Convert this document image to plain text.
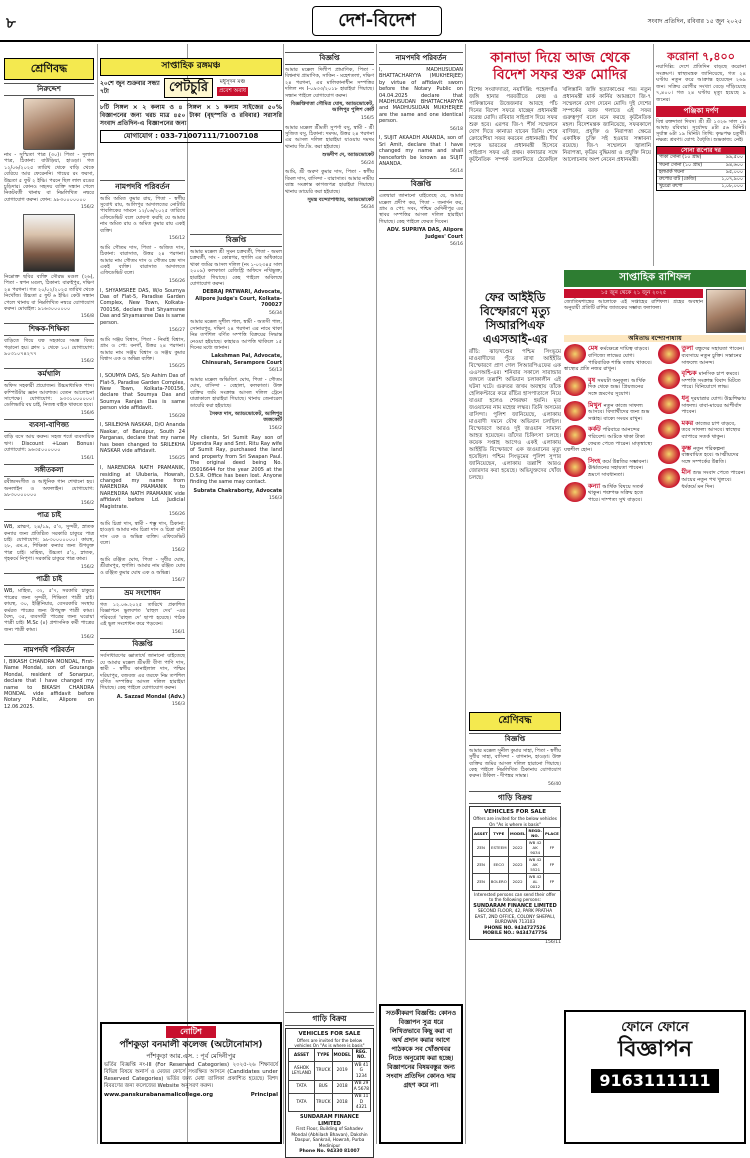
৮	দেশ-বিদেশ	সংবাদ প্রতিদিন, রবিবার ১৫ জুন ২০২৫
শ্রেণিবদ্ধ
নিরুদ্দেশ
নাম - সুস্মিতা পাত্র (৩০)। পিতা - দুলাল পাত্র, ঠিকানা: বাউড়িয়া, হাওড়া। গত ১২/০৬/২০২৫ তারিখ থেকে বাড়ি থেকে বেরিয়ে আর ফেরেননি। গায়ের রং ফরসা, উচ্চতা ৫ ফুট ২ ইঞ্চি। পরনে ছিল লাল রঙের চুড়িদার। কোনও সহৃদয় ব্যক্তি সন্ধান পেলে নিকটবর্তী থানায় বা নিম্নলিখিত নম্বরে যোগাযোগ করুন। ফোন: ৯৮৩০০০০০০০
156/2
নিম্নোক্ত ছবির ব্যক্তি সৌরভ মণ্ডল (২৬), পিতা - স্বপন মণ্ডল, ঠিকানা: বারুইপুর, দক্ষিণ ২৪ পরগনা। গত ২০/০২/২০২৫ তারিখ থেকে নিখোঁজ। উচ্চতা ৫ ফুট ৬ ইঞ্চি। কেউ সন্ধান পেলে থানায় বা নিম্নলিখিত নম্বরে যোগাযোগ করুন। মোবাইল: ৯১৬৩০০০০০০
156/8
শিক্ষক-শিক্ষিকা
বাড়িতে গিয়ে যত্ন সহকারে সমস্ত বিষয় পড়ানো হয়। ক্লাস ১ থেকে ১০। যোগাযোগ: ৯০৩১০৭৪২৭৭
156/2
কর্মখালি
অফিস সহকারী প্রয়োজন। উচ্চমাধ্যমিক পাস। কম্পিউটার জ্ঞান আবশ্যক। বেতন আলোচনা সাপেক্ষে। যোগাযোগ: ৯৩৩১০০০০০০। ডেলিভারি বয় চাই, নিজস্ব বাইক থাকতে হবে।
156/6
ব্যবসা-বাণিজ্য
বাড়ি বসে আয় করুন। সহজ শর্তে ব্যবসায়িক ঋণ। Discount +Loan Bonus। যোগাযোগ: ৯৬৩৫০০০০০০
156/1
সঙ্গীতকলা
রবীন্দ্রসংগীত ও আধুনিক গান শেখানো হয়। অনলাইন ও অফলাইন। যোগাযোগ: ৯৮৩০০০০০০০
156/2
পাত্র চাই
WB, ব্রাহ্মণ, ২৪/১৯, ৫'৩, সুন্দরী, স্নাতক কন্যার জন্য প্রতিষ্ঠিত সরকারি চাকুরে পাত্র চাই। যোগাযোগ: ৯৮৩০০০০০০০। কায়স্থ, ২৮, এম.এ, শিক্ষিকা কন্যার জন্য উপযুক্ত পাত্র চাই। মাহিষ্য, উচ্চতা ৫'২, স্নাতক, গৃহকর্মে নিপুণা। সরকারি চাকুরে পাত্র কাম্য।
156/2
পাত্রী চাই
WB, মাহিষ্য, ৩২, ৫'৭, সরকারি চাকুরে পাত্রের জন্য সুন্দরী, শিক্ষিতা পাত্রী চাই। কায়স্থ, ৩০, ইঞ্জিনিয়ার, বেসরকারি সংস্থায় কর্মরত পাত্রের জন্য উপযুক্ত পাত্রী কাম্য। বৈদ্য, ৩৫, ব্যবসায়ী পাত্রের জন্য ঘরোয়া পাত্রী চাই। M.Sc (৪) প্রশাসনিক কর্মী পাত্রের জন্য পাত্রী কাম্য।
156/2
নামপদবি পরিবর্তন
I, BIKASH CHANDRA MONDAL, First-Name Mondal, son of Gouranga Mondal, resident of Sonarpur, declare that I have changed my name to BIKASH CHANDRA MONDAL vide affidavit before Notary Public, Alipore on 12.06.2025.
সাপ্তাহিক রঙ্গমঞ্চ
২০শে জুন শুক্রবার সন্ধ্যা ৭টা	পেটচুরি	মধুসূদন মঞ্চ
প্রবেশ অবাধ
৮টি সিঙ্গল × ২ কলাম ও ৪ সিঙ্গল × ১ কলাম সাইজের ৫০% বিজ্ঞাপনের জন্য খরচ মাত্র ৪৫০ টাকা (বৃহস্পতি ও রবিবার) সরাসরি সংবাদ প্রতিদিন-এ বিজ্ঞাপনের জন্য
যোগাযোগ : 033-71007111/71007108
নামপদবি পরিবর্তন
আমি অমিত কুমার রায়, পিতা - স্বর্গীয় সুবোধ রায়, আলিপুর আদালতের নোটারি পাবলিকের সামনে ১২/০৬/২০২৫ তারিখে এফিডেভিট বলে ঘোষণা করছি যে আমার নাম অমিত রায় ও অমিত কুমার রায় একই ব্যক্তি।
156/12
আমি গৌতম দাস, পিতা - অজিত দাস, ঠিকানা: বারাসাত, উত্তর ২৪ পরগনা। আমার নাম গৌতম দাস ও গৌতম চন্দ্র দাস একই ব্যক্তি। বারাসাত আদালতে এফিডেভিট বলে।
156/26
I, SHYAMSREE DAS, W/o Soumya Das of Flat-5, Paradise Garden Complex, New Town, Kolkata-700156, declare that Shyamsree Das and Shyamasree Das is same person.
156/27
আমি সঞ্জয় বিশ্বাস, পিতা - নিমাই বিশ্বাস, গ্রাম ও পো: বনগাঁ, উত্তর ২৪ পরগনা। আমার নাম সঞ্জয় বিশ্বাস ও সঞ্জয় কুমার বিশ্বাস এক ও অভিন্ন ব্যক্তি।
156/25
I, SOUMYA DAS, S/o Ashim Das of Flat-5, Paradise Garden Complex, New Town, Kolkata-700156, declare that Soumya Das and Soumya Ranjan Das is same person vide affidavit.
156/28
I, SRILEKHA NASKAR, D/O Ananda Naskar, of Baruipur, South 24 Parganas, declare that my name has been changed to SRILEKHA NASKAR vide affidavit.
156/25
I, NARENDRA NATH PRAMANIK, residing at Uluberia, Howrah, changed my name from NARENDRA PRAMANIK to NARENDRA NATH PRAMANIK vide affidavit before Ld. Judicial Magistrate.
156/26
আমি চিত্রা দাস, স্বামী - শম্ভু দাস, ঠিকানা: হাওড়া। আমার নাম চিত্রা দাস ও চিত্রা রানী দাস এক ও অভিন্ন ব্যক্তি। এফিডেভিট বলে।
156/2
আমি রঞ্জিত ঘোষ, পিতা - সুধীর ঘোষ, শ্রীরামপুর, হুগলি। আমার নাম রঞ্জিত ঘোষ ও রঞ্জিত কুমার ঘোষ এক ও অভিন্ন।
156/7
ভ্রম সংশোধন
গত ১২.০৬.২০২৫ তারিখে প্রকাশিত বিজ্ঞাপনে ভুলবশত 'রাহুল দেব' -এর পরিবর্তে 'রাহুল দে' ছাপা হয়েছে। পাঠক এই ভুল সংশোধন করে পড়বেন।
156/1
বিজ্ঞপ্তি
সর্বসাধারণের জ্ঞাতার্থে জানানো যাইতেছে যে আমার মক্কেল শ্রীমতী বীণা পাণি দাস, স্বামী - স্বর্গীয় কানাইলাল দাস, পশ্চিম দরিয়াপুর, বজবজ এর তরফে নিম্ন তপশিল বর্ণিত সম্পত্তির আসল দলিল হারাইয়া গিয়াছে। কেহ পাইলে যোগাযোগ করুন।
A. Sazzad Mondal (Adv.)
156/3
বিজ্ঞপ্তি
আমার মক্কেল শ্রী সুমন চক্রবর্তী, পিতা - অমল চক্রবর্তী, সাং - কোন্নগর, হুগলি এর অধিকারে থাকা জমির আসল দলিল (নং ১-০২৩৪৫ সাল ২০০৯) কলকাতা রেজিস্ট্রি অফিসে নথিভুক্ত, হারাইয়া গিয়াছে। কেহ পাইলে অবিলম্বে যোগাযোগ করুন।
DEBRAJ PATWARI, Advocate, Alipore Judge's Court, Kolkata-700027
56/34
আমার মক্কেল সুশীল পাল, স্বামী - অতসী পাল, সোনারপুর, দক্ষিণ ২৪ পরগনা এর নামে থাকা নিম্ন তপশিল বর্ণিত সম্পত্তি বিক্রয়ের সিদ্ধান্ত নেওয়া হইয়াছে। কাহারও আপত্তি থাকিলে ১৫ দিনের মধ্যে জানান।
Lakshman Pal, Advocate, Chinsurah, Serampore Court
56/13
আমার মক্কেল অভিজিৎ ঘোষ, পিতা - গৌতম ঘোষ, বাসিন্দা - বেহালা, কলকাতা। উক্ত ব্যক্তির জমি সংক্রান্ত আসল দলিল ট্রেনে যাত্রাকালে হারাইয়া গিয়াছে। থানায় জেনারেল ডায়েরি করা হইয়াছে।
সৈকত দাস, অ্যাডভোকেট, আলিপুর জজকোর্ট
156/2
My clients, Sri Sumit Ray son of Upendra Ray and Smt. Ritu Ray wife of Sumit Ray, purchased the land and property from Sri Swapan Paul. The original deed being No. 05016644 for the year 2005 at the D.S.R. Office has been lost. Anyone finding the same may contact.
Subrata Chakraborty, Advocate
156/3
নোটিশ
পাঁশকুড়া বনমালী কলেজ (অটোনোমাস)
পাঁশকুড়া আর.এস. : পূর্ব মেদিনীপুর
ভর্তির বিজ্ঞপ্তি নং-III (For Reserved Categories) ২০২৫-২৬ শিক্ষাবর্ষে বিভিন্ন বিষয়ে অনার্স ও মেজর কোর্সে সংরক্ষিত আসনে (Candidates under Reserved Categories) ভর্তির জন্য মেধা তালিকা প্রকাশিত হয়েছে। বিশদ বিবরণের জন্য কলেজের Website অনুসরণ করুন।
www.panskurabanamalicollege.org	Principal
বিজ্ঞপ্তি
আমার মক্কেল দিলীপ প্রামাণিক, পিতা - বিশ্বনাথ প্রামাণিক, সাকিন - মহেশতলা, দক্ষিণ ২৪ পরগনা, এর মালিকানাধীন সম্পত্তির দলিল নং I-০৯৩৩/২০১৮ হারাইয়া গিয়াছে। সন্ধান পাইলে যোগাযোগ করুন।
বিজ্ঞপ্তিদাতা সৌমিত্র ঘোষ, অ্যাডভোকেট, আলিপুর পুলিশ কোর্ট
156/5
আমার মক্কেল শ্রীমতী সুপর্ণা বসু, স্বামী - শ্রী সুজিত বসু, ঠিকানা: দমদম, উত্তর ২৪ পরগনা এর আসল দলিল হারাইয়া যাওয়ায় দমদম থানায় জি.ডি. করা হইয়াছে।
শুভদীপ দে, অ্যাডভোকেট
56/24
আমি, শ্রী অরুণ কুমার দাস, পিতা - স্বর্গীয় বিমল দাস, বাসিন্দা - বারাসাত। আমার নামীয় ব্যাঙ্ক সংক্রান্ত কাগজপত্র হারাইয়া গিয়াছে। থানায় ডায়েরি করা হইয়াছে।
সুমন্ত্র বন্দ্যোপাধ্যায়, অ্যাডভোকেট
56/34
গাড়ি বিক্রয়
VEHICLES FOR SALE
Offers are invited for the below vehicles On "As is where is basis"
ASSET	TYPE	MODEL	REG. NO.
ASHOK LEYLAND	TRUCK	2019	WB 41 G 1234
TATA	BUS	2018	WB 29 A 5678
TATA	TRUCK	2018	WB 11 D 4321
SUNDARAM FINANCE LIMITED
First Floor, Building of Sahadev Mondal (Abhilash Bhavan), Dakshin Daspur, Sankrail, Howrah, Purba Medinipur
Phone No. 94330 81007
নামপদবি পরিবর্তন
I, MADHUSUDAN BHATTACHARYYA (MUKHERJEE) by virtue of affidavit sworn before the Notary Public on 04.04.2025 declare that MADHUSUDAN BHATTACHARYYA and MADHUSUDAN MUKHERJEE are the same and one identical person.
56/18
I, SUJIT AKAADH ANANDA, son of Sri Amit, declare that I have changed my name and shall henceforth be known as SUJIT ANANDA.
56/14
বিজ্ঞপ্তি
এতদ্বারা জানানো যাইতেছে যে, আমার মক্কেল প্রদীপ কর, পিতা - জনার্দন কর, গ্রাম ও পো: সবং, পশ্চিম মেদিনীপুর এর স্থাবর সম্পত্তির আসল দলিল হারাইয়া গিয়াছে। কেহ পাইলে ফেরত দিবেন।
ADV. SUPRIYA DAS, Alipore Judges' Court
56/16
সতর্কীকরণ বিজ্ঞপ্তি: কোনও বিজ্ঞাপন সুত্র ধরে লিখিতভাবে কিছু করা বা অর্থ প্রদান করার আগে পাঠককে সব খোঁজখবর নিতে অনুরোধ করা হচ্ছে। বিজ্ঞাপনের বিষয়বস্তুর জন্য সংবাদ প্রতিদিন কোনও দায় গ্রহণ করে না।
কানাডা দিয়ে আজ থেকে
বিদেশ সফর শুরু মোদির
বিশেষ সংবাদদাতা, নয়াদিল্লি: পহেলগাঁও জঙ্গি হানার পরবর্তীতে কেন্দ্র ও পাকিস্তানের উত্তেজনার আবহে পাঁচ দিনের বিদেশ সফরে যাচ্ছেন প্রধানমন্ত্রী নরেন্দ্র মোদি। রবিবার সাইপ্রাস দিয়ে সফর শুরু হবে। এরপর জি-৭ শীর্ষ সম্মেলনে যোগ দিতে কানাডা যাবেন তিনি। শেষে ক্রোয়েশিয়া সফর করবেন প্রধানমন্ত্রী। দীর্ঘ দশকে ভারতের প্রধানমন্ত্রী হিসেবে সাইপ্রাস সফর এই প্রথম। কানাডার সঙ্গে কূটনৈতিক সম্পর্ক তলানিতে ঠেকেছিল খলিস্তানি জঙ্গি হত্যাকাণ্ডের পর। নতুন প্রধানমন্ত্রী মার্ক কার্নির আমন্ত্রণে জি-৭ সম্মেলনে যোগ দেবেন মোদি। দুই দেশের সম্পর্কের বরফ গলাতে এই সফর গুরুত্বপূর্ণ বলে মনে করছে কূটনৈতিক মহল। বিদেশমন্ত্রক জানিয়েছে, সফরকালে বাণিজ্য, প্রযুক্তি ও নিরাপত্তা ক্ষেত্রে একাধিক চুক্তি সই হওয়ার সম্ভাবনা রয়েছে। জি-৭ সম্মেলনে জ্বালানি নিরাপত্তা, কৃত্রিম বুদ্ধিমত্তা ও প্রযুক্তি নিয়ে আলোচনায় অংশ নেবেন প্রধানমন্ত্রী।
করোনা ৭,৪০০
নয়াদিল্লি: দেশে প্রতিদিন বাড়ছে করোনা সংক্রমণ। স্বাস্থ্যমন্ত্রক জানিয়েছে, গত ২৪ ঘণ্টায় নতুন করে আক্রান্ত হয়েছেন ২৬৯ জন। সক্রিয় রোগীর সংখ্যা বেড়ে দাঁড়িয়েছে ৭,৪০০। গত ২৪ ঘণ্টায় মৃত্যু হয়েছে ৯ জনের।
পঞ্জিকা দর্পণ
বিশ্ব রক্তদাতা দিবস। শ্রী শ্রী ১৩২৬ সাল ১৬ আষাঢ় রবিবার। সূর্যোদয় ৪টা ৫৬ মিনিট। সূর্যাস্ত ৬টা ১৯ মিনিট। তিথি: কৃষ্ণপক্ষ চতুর্থী। নক্ষত্র: শ্রবণা। যোগ: বৈধৃতি। শুভকাজ: নেই।
সোনা রূপোর দর
পাকা সোনা (১০ গ্রাম)	৯৯,৫০০
গয়না সোনা (১০ গ্রাম)	৯৪,৬০০
হলমার্ক গয়না	৯৫,০০০
রুপোর বাট (কেজি)	১,০৭,৯০০
খুচরো রুপো	১,০৮,০০০
ফের আইইডি
বিস্ফোরণে মৃত্যু
সিআরপিএফ
এএসআই-এর
রাঁচি: ঝাড়খণ্ডের পশ্চিম সিংভূমে মাওবাদীদের পুঁতে রাখা আইইডি বিস্ফোরণে প্রাণ গেল সিআরপিএফের এক এএসআই-এর। শনিবার সকালে সারান্ডার জঙ্গলে তল্লাশি অভিযান চলাকালীন এই ঘটনা ঘটে। গুরুতর জখম অবস্থায় তাঁকে হেলিকপ্টারে করে রাঁচির হাসপাতালে নিয়ে যাওয়া হলেও শেষরক্ষা হয়নি। মৃত জওয়ানের নাম মহেন্দ্র লস্কর। তিনি অসমের বাসিন্দা। পুলিশ জানিয়েছে, এলাকায় মাওবাদী দমনে যৌথ অভিযান চলছিল। বিস্ফোরণে আরও দুই জওয়ান সামান্য আহত হয়েছেন। তাঁদের চিকিৎসা চলছে। কয়েক সপ্তাহ আগেও একই এলাকায় আইইডি বিস্ফোরণে এক জওয়ানের মৃত্যু হয়েছিল। পশ্চিম সিংভূমের পুলিশ সুপার জানিয়েছেন, এলাকায় তল্লাশি আরও জোরদার করা হয়েছে। অভিযুক্তদের খোঁজ চলছে।
সাপ্তাহিক রাশিফল
১৫ জুন থেকে ২১ জুন ২০২৫
জ্যোতিষশাস্ত্রের আলোকে এই সপ্তাহের রাশিফল। গ্রহের অবস্থান অনুযায়ী প্রতিটি রাশির জাতকের সম্ভাব্য ফলাফল।
অমিতাভ বন্দ্যোপাধ্যায়
মেষ কর্মক্ষেত্রে দায়িত্ব বাড়বে। বাণিজ্যে লাভের যোগ। পারিবারিক শান্তি বজায় থাকবে। স্বাস্থ্যের প্রতি নজর রাখুন।
বৃষ সময়টা অনুকূল। আর্থিক দিক থেকে শুভ। প্রিয়জনের সঙ্গে ভ্রমণের সুযোগ।
মিথুন নতুন কাজে সাফল্য আসবে। বিদ্যার্থীদের জন্য শুভ সপ্তাহ। বাক্যে সংযম রাখুন।
কর্কট পরিবারে আনন্দের পরিবেশ। আটকে থাকা টাকা ফেরত পেতে পারেন। মাতৃস্বাস্থ্যে যত্নশীল হোন।
সিংহ কর্মে উন্নতির সম্ভাবনা। ঊর্ধ্বতনের সহায়তা পাবেন। ভ্রমণে সাবধানতা।
কন্যা আর্থিক বিষয়ে সতর্ক থাকুন। শত্রুপক্ষ সক্রিয় হতে পারে। দাম্পত্য সুখ বাড়বে।
তুলা বন্ধুদের সহায়তা পাবেন। ব্যবসায়ে নতুন চুক্তি। সন্তানের সাফল্যে আনন্দ।
বৃশ্চিক মানসিক চাপ কমবে। সম্পত্তি সংক্রান্ত বিবাদ মিটতে পারে। বিনিয়োগে লাভ।
ধনু দূরযাত্রার যোগ। উচ্চশিক্ষায় সাফল্য। বাবা-মায়ের আশীর্বাদ পাবেন।
মকর কাজের চাপ বাড়বে, তবে সাফল্য আসবে। স্বাস্থ্যের ব্যাপারে সতর্ক থাকুন।
কুম্ভ নতুন পরিকল্পনা বাস্তবায়িত হবে। আত্মীয়দের সঙ্গে সম্পর্কের উন্নতি।
মীন শুভ সংবাদ পেতে পারেন। আয়ের নতুন পথ খুলবে। ধর্মকর্মে মন দিন।
শ্রেণিবদ্ধ
বিজ্ঞপ্তি
আমার মক্কেল সুনীল কুমার সাহা, পিতা - স্বর্গীয় সুধীর সাহা, বাসিন্দা - বাগনান, হাওড়া। উক্ত ব্যক্তির জমির আসল দলিল হারানো গিয়াছে। কেহ পাইলে নিম্নলিখিত ঠিকানায় যোগাযোগ করুন। উকিল - দীপঙ্কর সামন্ত।
56/40
গাড়ি বিক্রয়
VEHICLES FOR SALE
Offers are invited for the below vehicles On "As is where is basis"
ASSET	TYPE	MODEL	REGD. NO.	PLACE
ZEN	ESTEEM	2022	WB 42 AK 9034	FP
ZEN	EECO	2022	WB 42 AK 5521	FP
ZEN	BOLERO	2022	WB 42 AL 0012	FP
Interested persons can send their offer to the following persons:
SUNDARAM FINANCE LIMITED
SECOND FLOOR, 42, PARK PRATHA EAST, 2ND OFFICE, COLONY SHEPALI, BURDWAN 713103
PHONE NO. 9434727526
MOBILE NO.: 9434747756
156/11
ফোনে ফোনে
বিজ্ঞাপন
9163111111
